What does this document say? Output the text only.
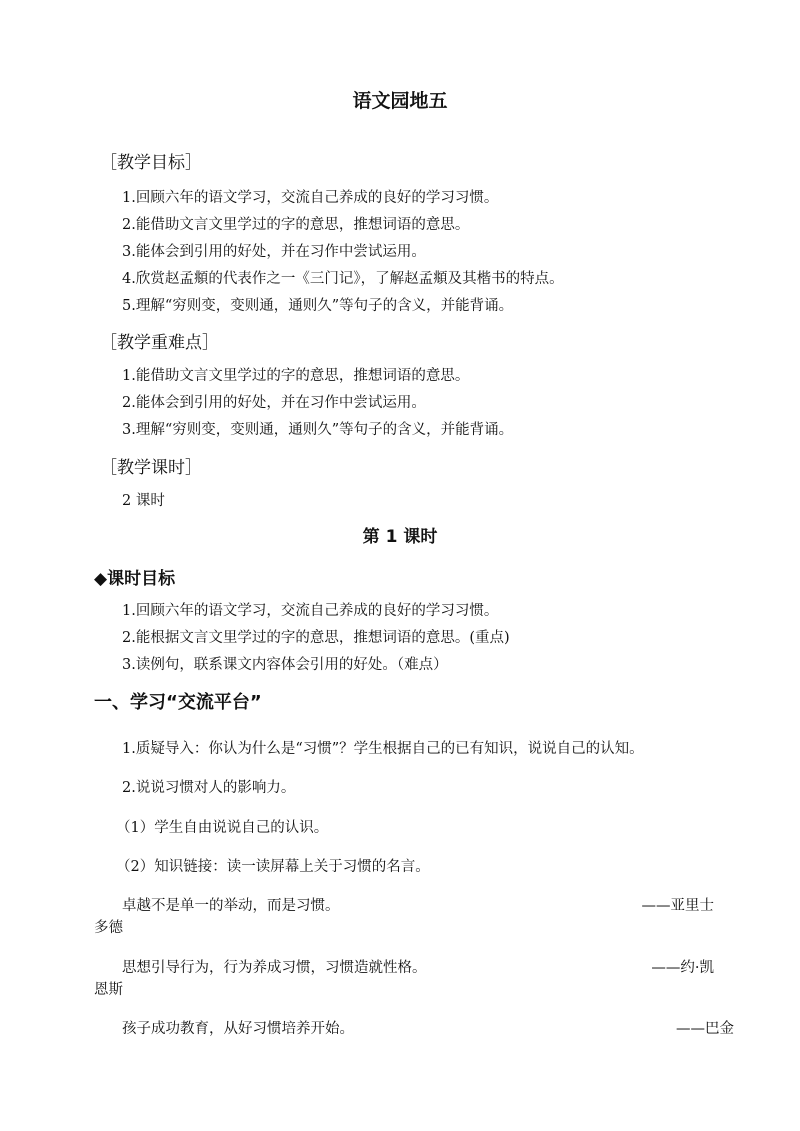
语文园地五
［教学目标］
1.回顾六年的语文学习，交流自己养成的良好的学习习惯。
2.能借助文言文里学过的字的意思，推想词语的意思。
3.能体会到引用的好处，并在习作中尝试运用。
4.欣赏赵孟頫的代表作之一《三门记》，了解赵孟頫及其楷书的特点。
5.理解“穷则变，变则通，通则久”等句子的含义，并能背诵。
［教学重难点］
1.能借助文言文里学过的字的意思，推想词语的意思。
2.能体会到引用的好处，并在习作中尝试运用。
3.理解“穷则变，变则通，通则久”等句子的含义，并能背诵。
［教学课时］
2 课时
第 1 课时
◆课时目标
1.回顾六年的语文学习，交流自己养成的良好的学习习惯。
2.能根据文言文里学过的字的意思，推想词语的意思。(重点)
3.读例句，联系课文内容体会引用的好处。（难点）
一、学习“交流平台”
1.质疑导入：你认为什么是“习惯”？学生根据自己的已有知识，说说自己的认知。
2.说说习惯对人的影响力。
（1）学生自由说说自己的认识。
（2）知识链接：读一读屏幕上关于习惯的名言。
卓越不是单一的举动，而是习惯。
多德
——亚里士
思想引导行为，行为养成习惯，习惯造就性格。
恩斯
——约·凯
孩子成功教育，从好习惯培养开始。	——巴金
